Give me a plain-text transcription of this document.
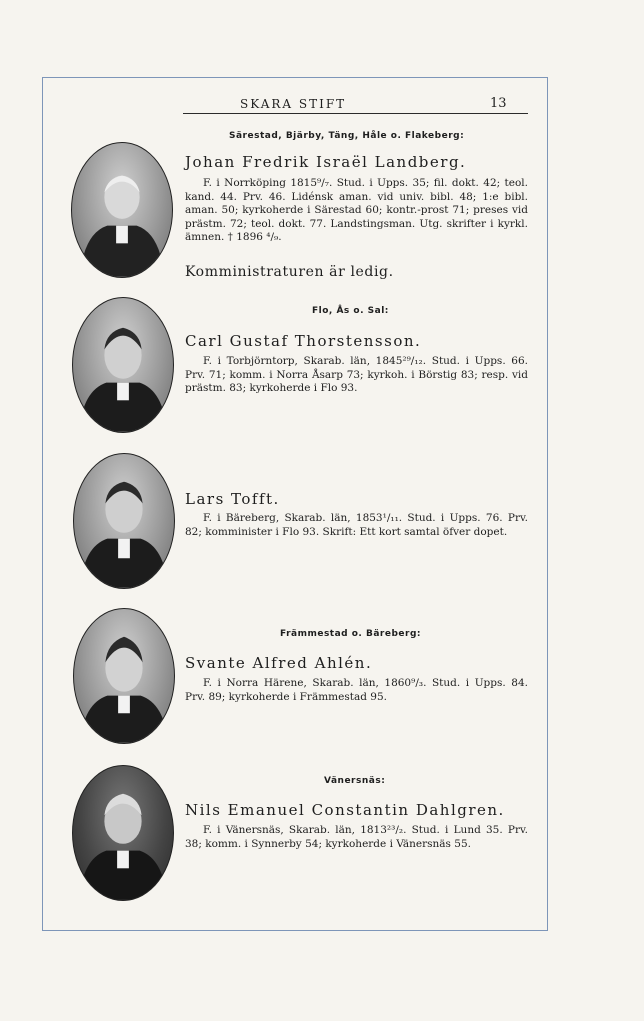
SKARA STIFT	13
Särestad, Bjärby, Täng, Håle o. Flakeberg:
Johan Fredrik Israël Landberg.
F. i Norrköping 1815⁹/₇. Stud. i Upps. 35; fil. dokt. 42; teol. kand. 44. Prv. 46. Lidénsk aman. vid univ. bibl. 48; 1:e bibl. aman. 50; kyrkoherde i Särestad 60; kontr.-prost 71; preses vid prästm. 72; teol. dokt. 77. Landstingsman. Utg. skrifter i kyrkl. ämnen. † 1896 ⁴/₉.
Komministraturen är ledig.
Flo, Ås o. Sal:
Carl Gustaf Thorstensson.
F. i Torbjörntorp, Skarab. län, 1845²⁹/₁₂. Stud. i Upps. 66. Prv. 71; komm. i Norra Åsarp 73; kyrkoh. i Börstig 83; resp. vid prästm. 83; kyrkoherde i Flo 93.
Lars Tofft.
F. i Bäreberg, Skarab. län, 1853¹/₁₁. Stud. i Upps. 76. Prv. 82; komminister i Flo 93. Skrift: Ett kort samtal öfver dopet.
Främmestad o. Bäreberg:
Svante Alfred Ahlén.
F. i Norra Härene, Skarab. län, 1860⁹/₃. Stud. i Upps. 84. Prv. 89; kyrkoherde i Främmestad 95.
Vänersnäs:
Nils Emanuel Constantin Dahlgren.
F. i Vänersnäs, Skarab. län, 1813²³/₂. Stud. i Lund 35. Prv. 38; komm. i Synnerby 54; kyrkoherde i Vänersnäs 55.
